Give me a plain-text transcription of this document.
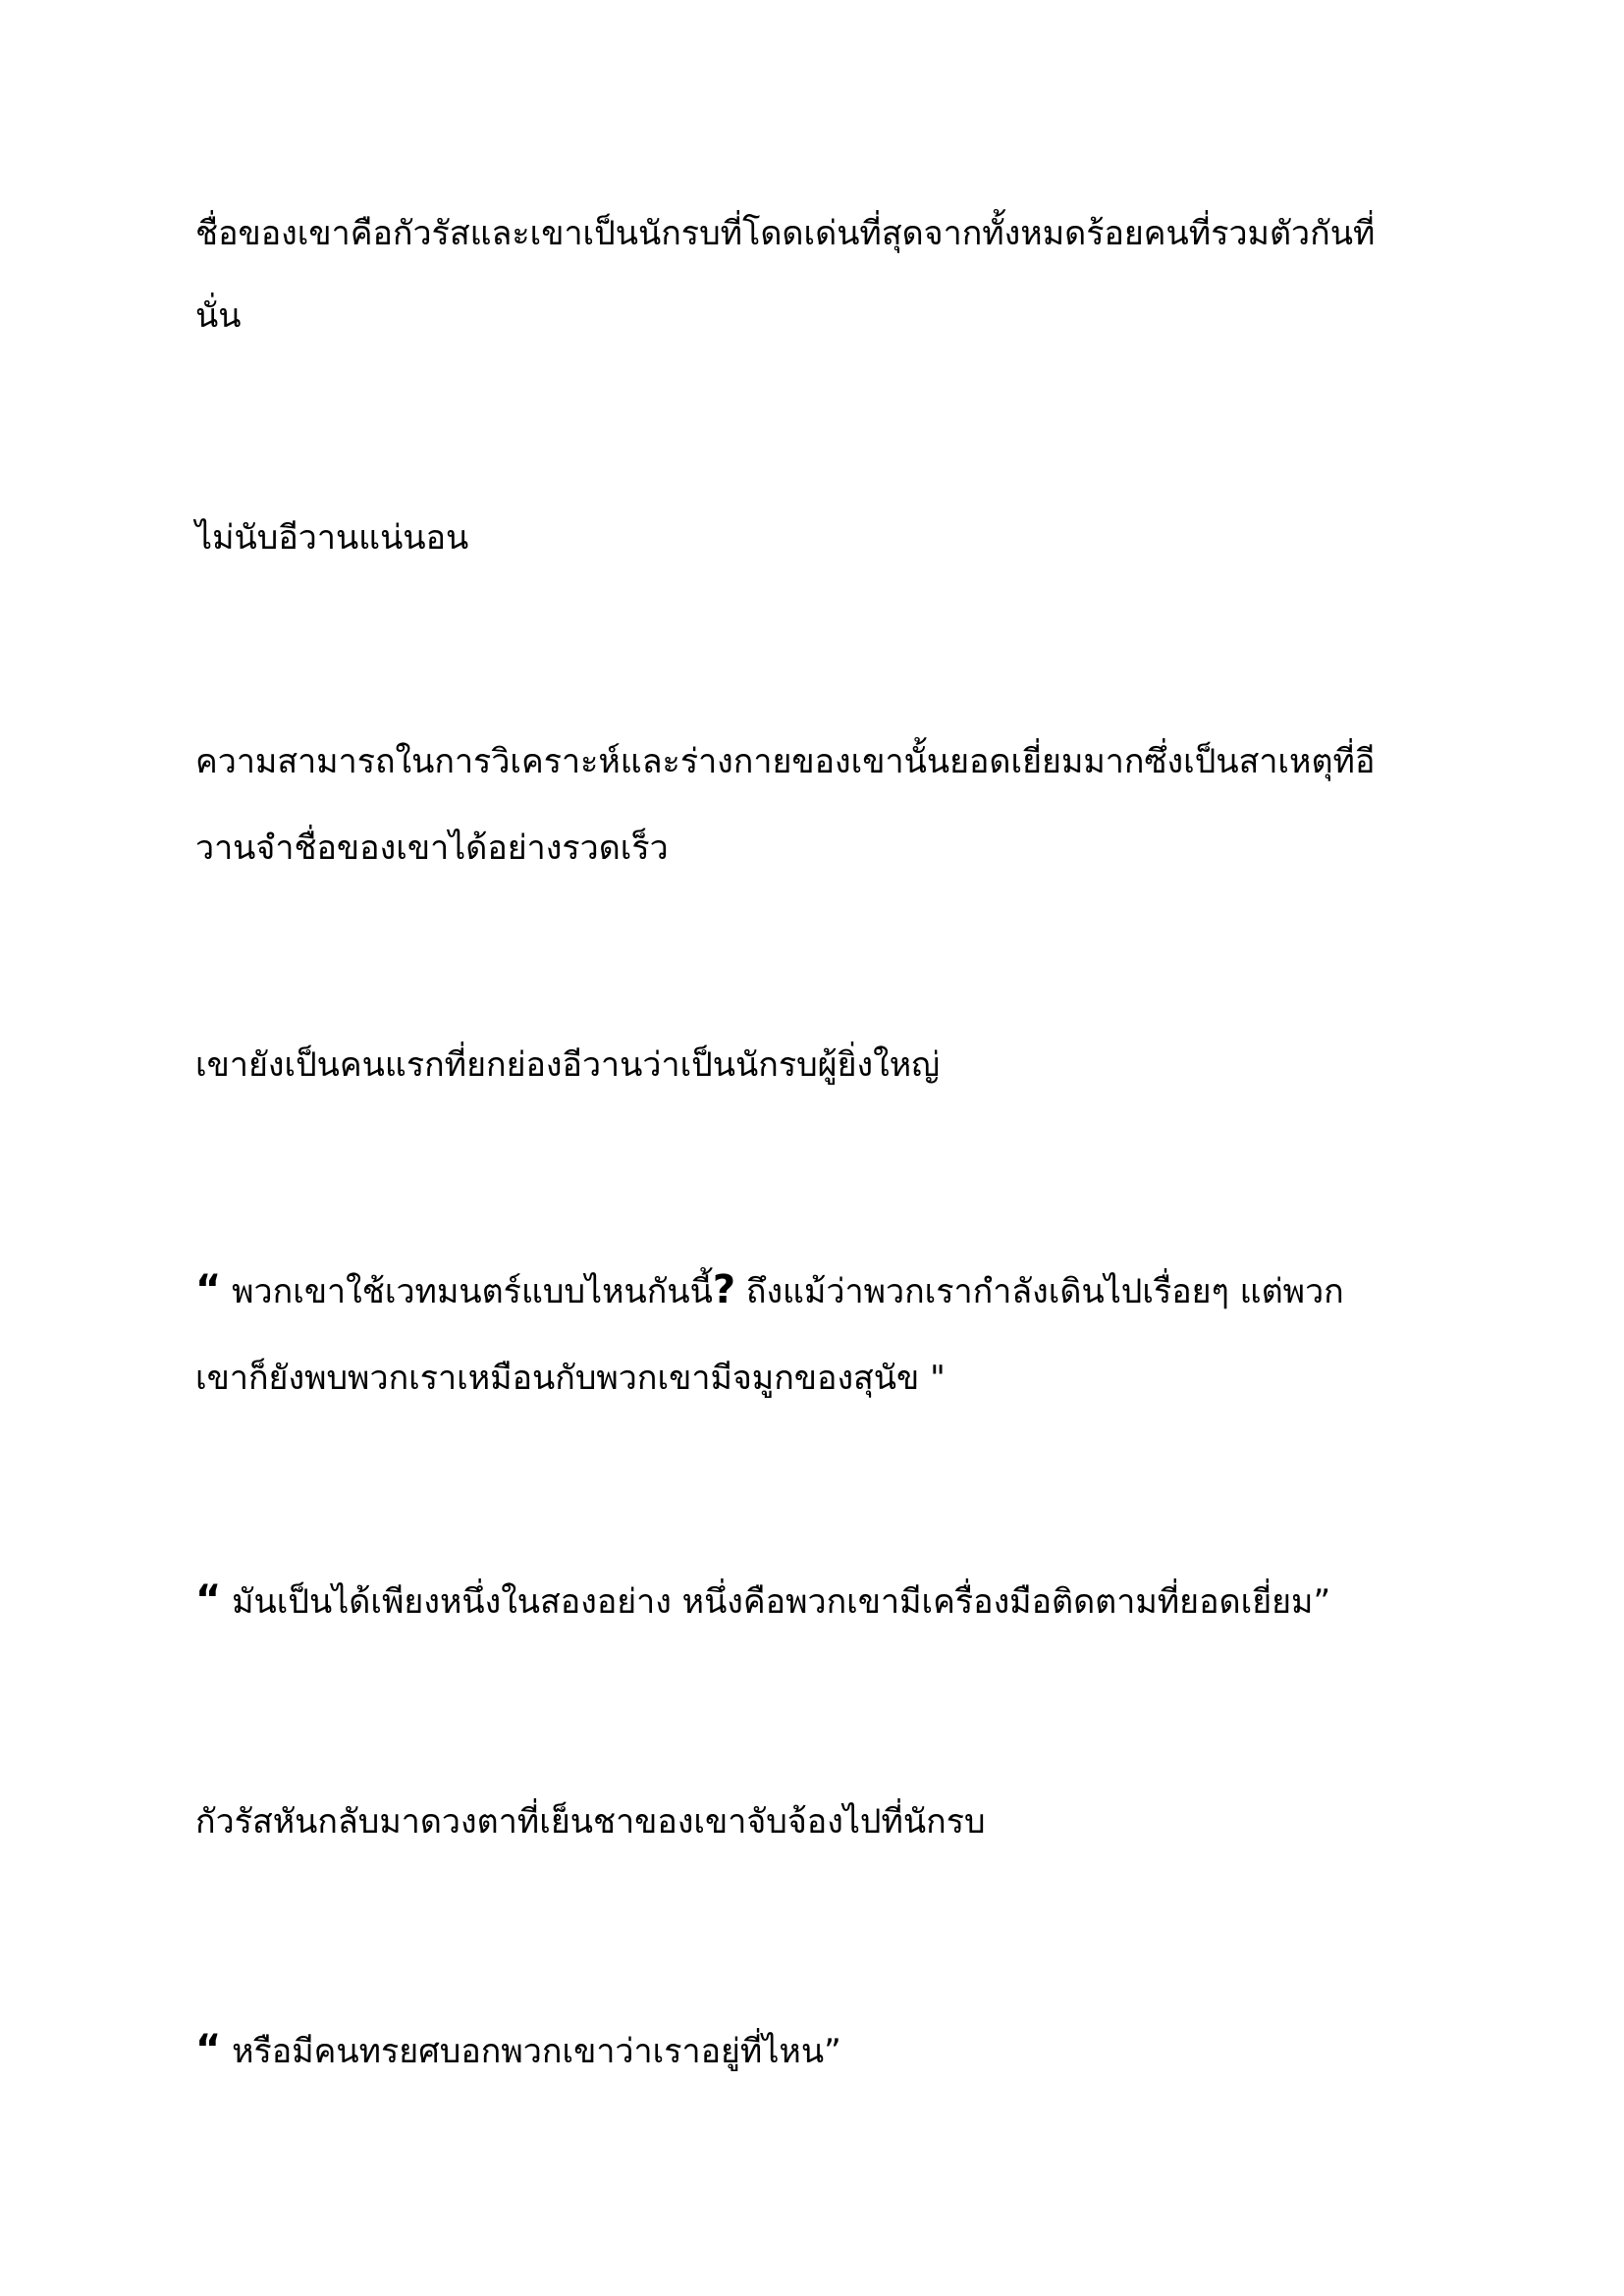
ชื่อของเขาคือกัวรัสและเขาเป็นนักรบที่โดดเด่นที่สุดจากทั้งหมดร้อยคนที่รวมตัวกันที่
นั่น
ไม่นับอีวานแน่นอน
ความสามารถในการวิเคราะห์และร่างกายของเขานั้นยอดเยี่ยมมากซึ่งเป็นสาเหตุที่อี
วานจำชื่อของเขาได้อย่างรวดเร็ว
เขายังเป็นคนแรกที่ยกย่องอีวานว่าเป็นนักรบผู้ยิ่งใหญ่
“ พวกเขาใช้เวทมนตร์แบบไหนกันนี้? ถึงแม้ว่าพวกเรากำลังเดินไปเรื่อยๆ แต่พวก
เขาก็ยังพบพวกเราเหมือนกับพวกเขามีจมูกของสุนัข "
“ มันเป็นได้เพียงหนึ่งในสองอย่าง หนึ่งคือพวกเขามีเครื่องมือติดตามที่ยอดเยี่ยม”
กัวรัสหันกลับมาดวงตาที่เย็นชาของเขาจับจ้องไปที่นักรบ
“ หรือมีคนทรยศบอกพวกเขาว่าเราอยู่ที่ไหน”
